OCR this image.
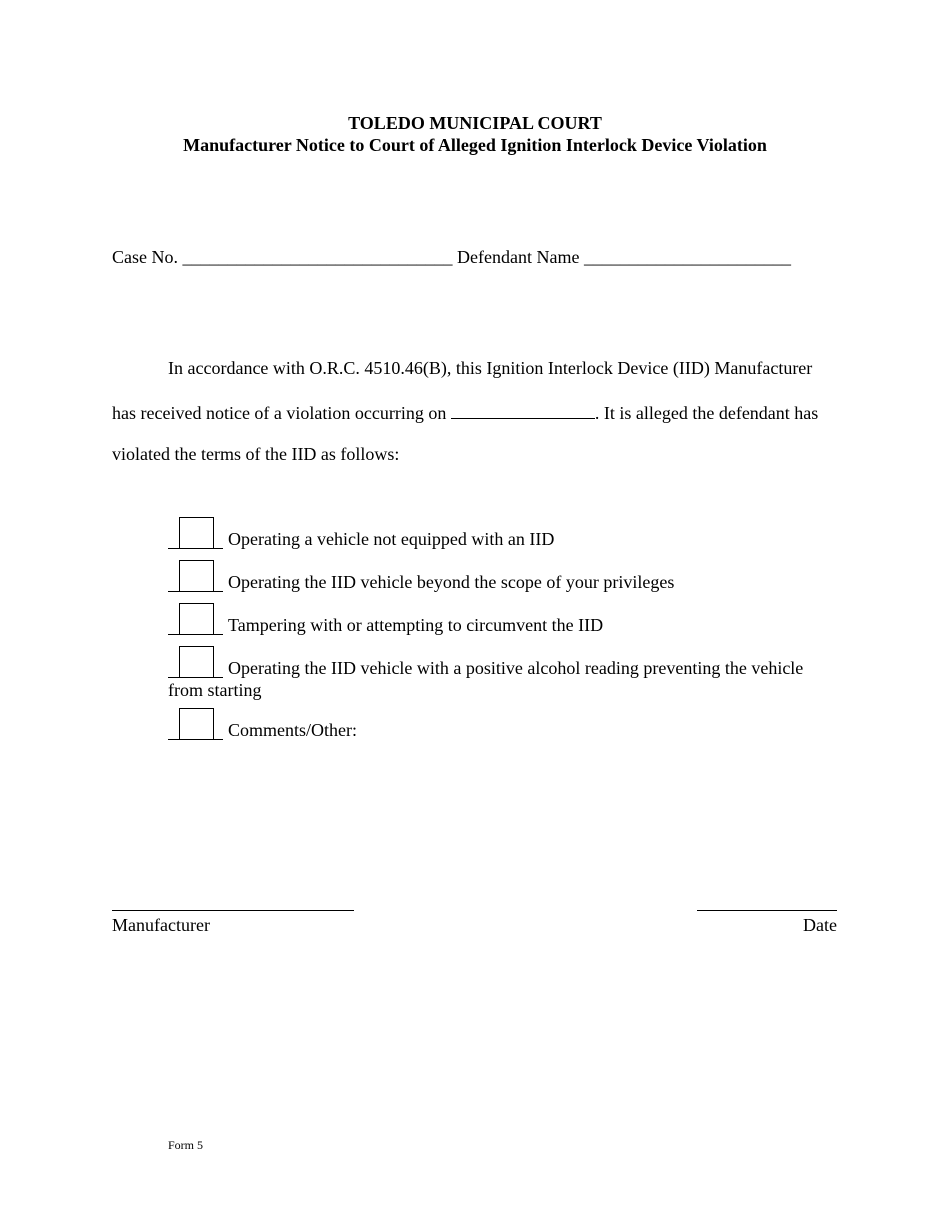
TOLEDO MUNICIPAL COURT
Manufacturer Notice to Court of Alleged Ignition Interlock Device Violation
Case No. ______________________________ Defendant Name _______________________
In accordance with O.R.C. 4510.46(B), this Ignition Interlock Device (IID) Manufacturer
has received notice of a violation occurring on	. It is alleged the defendant has
violated the terms of the IID as follows:
Operating a vehicle not equipped with an IID
Operating the IID vehicle beyond the scope of your privileges
Tampering with or attempting to circumvent the IID
Operating the IID vehicle with a positive alcohol reading preventing the vehicle
from starting
Comments/Other:
Manufacturer	Date
Form 5
